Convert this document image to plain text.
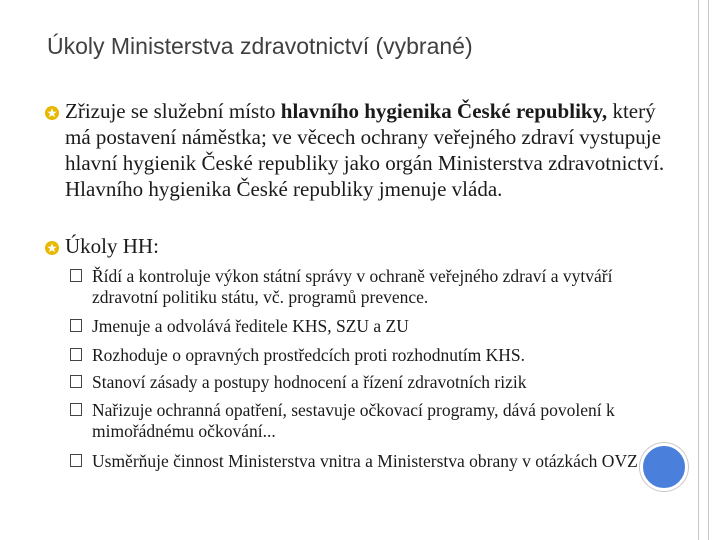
Úkoly Ministerstva zdravotnictví (vybrané)
Zřizuje se služební místo hlavního hygienika České republiky, který má postavení náměstka; ve věcech ochrany veřejného zdraví vystupuje hlavní hygienik České republiky jako orgán Ministerstva zdravotnictví. Hlavního hygienika České republiky jmenuje vláda.
Úkoly HH:
Řídí a kontroluje výkon státní správy v ochraně veřejného zdraví a vytváří zdravotní politiku státu, vč. programů prevence.
Jmenuje a odvolává ředitele KHS, SZU a ZU
Rozhoduje o opravných prostředcích proti rozhodnutím KHS.
Stanoví zásady a postupy hodnocení a řízení zdravotních rizik
Nařizuje ochranná opatření, sestavuje očkovací programy, dává povolení k mimořádnému očkování...
Usměrňuje činnost Ministerstva vnitra a Ministerstva obrany v otázkách OVZ
